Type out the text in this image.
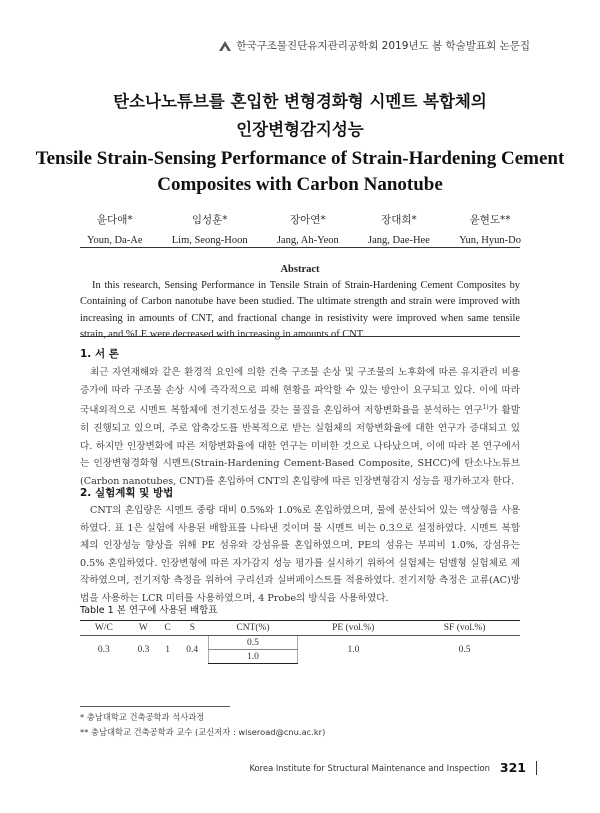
한국구조물진단유지관리공학회 2019년도 봄 학술발표회 논문집
탄소나노튜브를 혼입한 변형경화형 시멘트 복합체의
인장변형감지성능
Tensile Strain-Sensing Performance of Strain-Hardening Cement
Composites with Carbon Nanotube
윤다애*
Youn, Da-Ae
임성훈*
Lim, Seong-Hoon
장아연*
Jang, Ah-Yeon
장대희*
Jang, Dae-Hee
윤현도**
Yun, Hyun-Do
Abstract
In this research, Sensing Performance in Tensile Strain of Strain-Hardening Cement Composites by Containing of Carbon nanotube have been studied. The ultimate strength and strain were improved with increasing in amounts of CNT, and fractional change in resistivity were improved when same tensile strain, and %LE were decreased with increasing in amounts of CNT.
1. 서 론
최근 자연재해와 같은 환경적 요인에 의한 건축 구조물 손상 및 구조물의 노후화에 따른 유지관리 비용 증가에 따라 구조물 손상 시에 즉각적으로 피해 현황을 파악할 수 있는 방안이 요구되고 있다. 이에 따라 국내외적으로 시멘트 복합체에 전기전도성을 갖는 물질을 혼입하여 저항변화율을 분석하는 연구$^{1)}$가 활발히 진행되고 있으며, 주로 압축강도를 반복적으로 받는 실험체의 저항변화율에 대한 연구가 증대되고 있다. 하지만 인장변화에 따른 저항변화율에 대한 연구는 미비한 것으로 나타났으며, 이에 따라 본 연구에서는 인장변형경화형 시멘트(Strain-Hardening Cement-Based Composite, SHCC)에 탄소나노튜브(Carbon nanotubes, CNT)를 혼입하여 CNT의 혼입량에 따른 인장변형감지 성능을 평가하고자 한다.
2. 실험계획 및 방법
CNT의 혼입량은 시멘트 중량 대비 0.5%와 1.0%로 혼입하였으며, 물에 분산되어 있는 액상형을 사용하였다. 표 1은 실험에 사용된 배합표를 나타낸 것이며 물 시멘트 비는 0.3으로 설정하였다. 시멘트 복합체의 인장성능 향상을 위해 PE 섬유와 강섬유를 혼입하였으며, PE의 섬유는 부피비 1.0%, 강섬유는 0.5% 혼입하였다. 인장변형에 따른 자가감지 성능 평가를 실시하기 위하여 실험체는 덤벨형 실험체로 제작하였으며, 전기저항 측정을 위하여 구리선과 실버페이스트를 적용하였다. 전기저항 측정은 교류(AC)방법을 사용하는 LCR 미터를 사용하였으며, 4 Probe의 방식을 사용하였다.
Table 1 본 연구에 사용된 배합표
W/C	W	C	S	CNT(%)	PE (vol.%)	SF (vol.%)
0.3	0.3	1	0.4	0.5	1.0	0.5
				1.0		
* 충남대학교 건축공학과 석사과정
** 충남대학교 건축공학과 교수 (교신저자 : wiseroad@cnu.ac.kr)
Korea Institute for Structural Maintenance and Inspection 321
